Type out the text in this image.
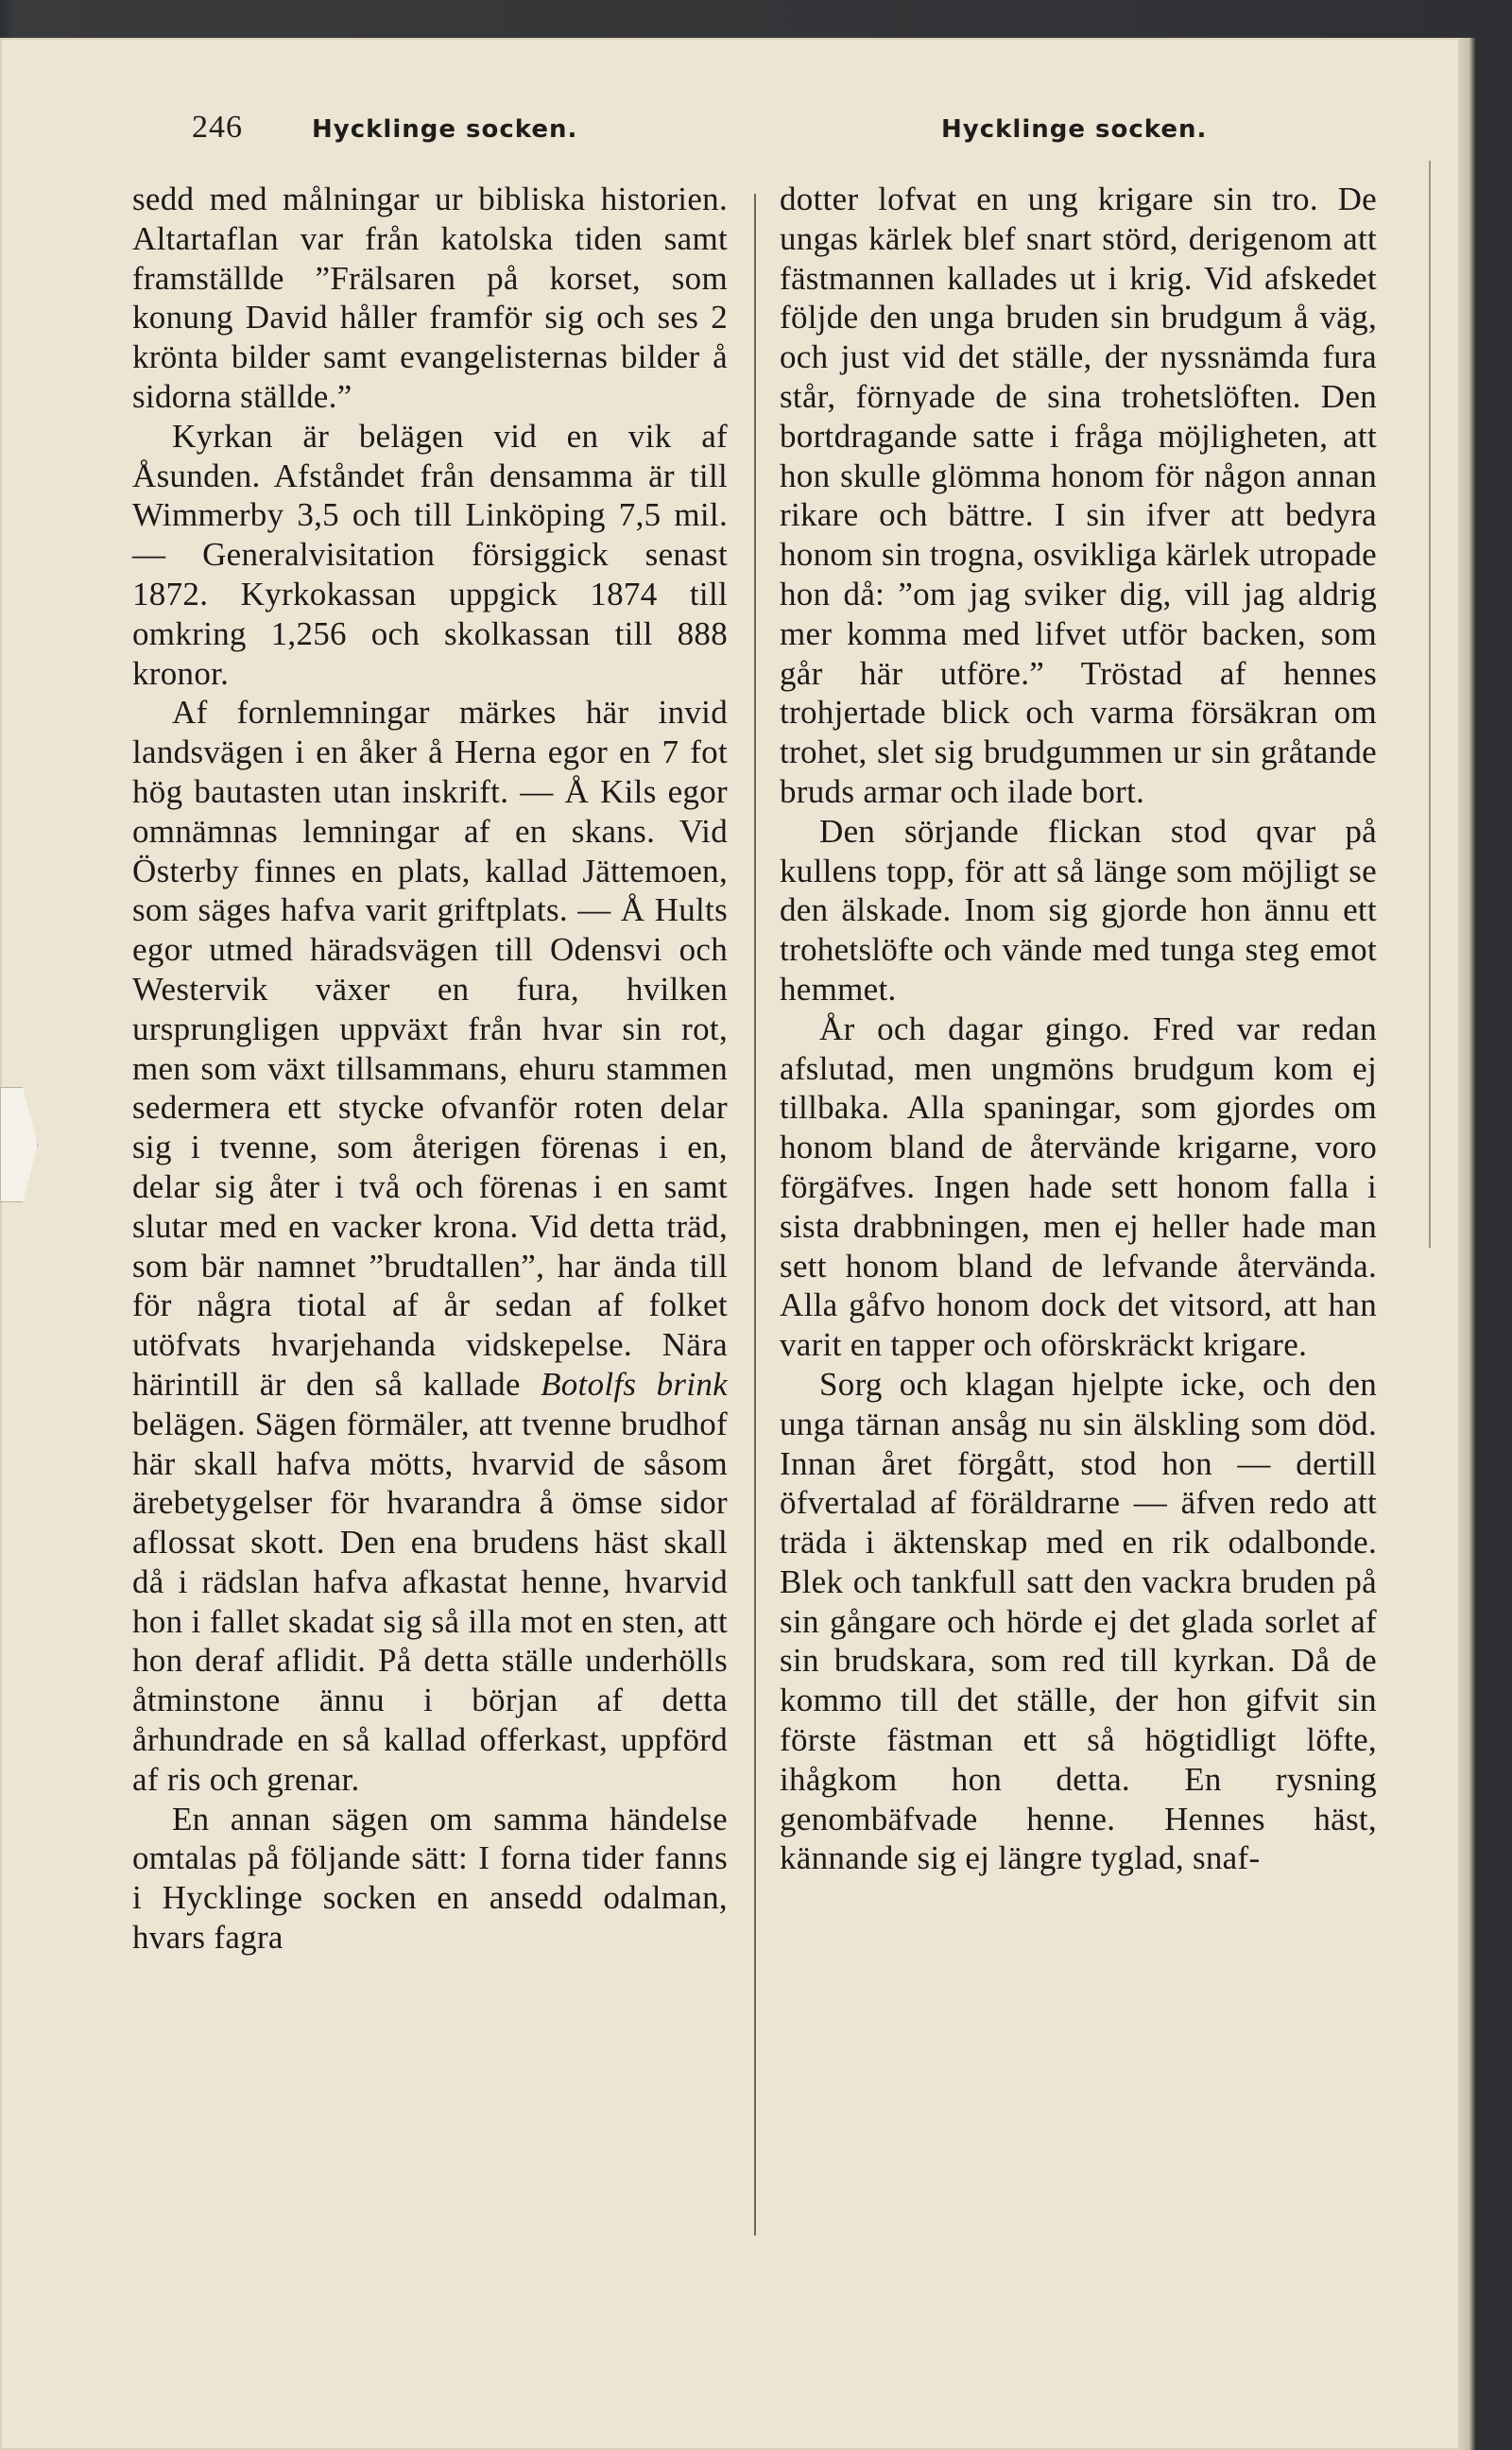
246	Hycklinge socken.	Hycklinge socken.

sedd med målningar ur bibliska historien. Altartaflan var från katolska tiden samt framställde ”Frälsaren på korset, som konung David håller framför sig och ses 2 krönta bilder samt evangelisternas bilder å sidorna ställde.”

Kyrkan är belägen vid en vik af Åsunden. Afståndet från densamma är till Wimmerby 3,5 och till Linköping 7,5 mil. — Generalvisitation försiggick senast 1872. Kyrkokassan uppgick 1874 till omkring 1,256 och skolkassan till 888 kronor.

Af fornlemningar märkes här invid landsvägen i en åker å Herna egor en 7 fot hög bautasten utan inskrift. — Å Kils egor omnämnas lemningar af en skans. Vid Österby finnes en plats, kallad Jättemoen, som säges hafva varit griftplats. — Å Hults egor utmed häradsvägen till Odensvi och Westervik växer en fura, hvilken ursprungligen uppväxt från hvar sin rot, men som växt tillsammans, ehuru stammen sedermera ett stycke ofvanför roten delar sig i tvenne, som återigen förenas i en, delar sig åter i två och förenas i en samt slutar med en vacker krona. Vid detta träd, som bär namnet ”brudtallen”, har ända till för några tiotal af år sedan af folket utöfvats hvarjehanda vidskepelse. Nära härintill är den så kallade Botolfs brink belägen. Sägen förmäler, att tvenne brudhof här skall hafva mötts, hvarvid de såsom ärebetygelser för hvarandra å ömse sidor aflossat skott. Den ena brudens häst skall då i rädslan hafva afkastat henne, hvarvid hon i fallet skadat sig så illa mot en sten, att hon deraf aflidit. På detta ställe underhölls åtminstone ännu i början af detta århundrade en så kallad offerkast, uppförd af ris och grenar.

En annan sägen om samma händelse omtalas på följande sätt: I forna tider fanns i Hycklinge socken en ansedd odalman, hvars fagra

dotter lofvat en ung krigare sin tro. De ungas kärlek blef snart störd, derigenom att fästmannen kallades ut i krig. Vid afskedet följde den unga bruden sin brudgum å väg, och just vid det ställe, der nyssnämda fura står, förnyade de sina trohetslöften. Den bortdragande satte i fråga möjligheten, att hon skulle glömma honom för någon annan rikare och bättre. I sin ifver att bedyra honom sin trogna, osvikliga kärlek utropade hon då: ”om jag sviker dig, vill jag aldrig mer komma med lifvet utför backen, som går här utföre.” Tröstad af hennes trohjertade blick och varma försäkran om trohet, slet sig brudgummen ur sin gråtande bruds armar och ilade bort.

Den sörjande flickan stod qvar på kullens topp, för att så länge som möjligt se den älskade. Inom sig gjorde hon ännu ett trohetslöfte och vände med tunga steg emot hemmet.

År och dagar gingo. Fred var redan afslutad, men ungmöns brudgum kom ej tillbaka. Alla spaningar, som gjordes om honom bland de återvände krigarne, voro förgäfves. Ingen hade sett honom falla i sista drabbningen, men ej heller hade man sett honom bland de lefvande återvända. Alla gåfvo honom dock det vitsord, att han varit en tapper och oförskräckt krigare.

Sorg och klagan hjelpte icke, och den unga tärnan ansåg nu sin älskling som död. Innan året förgått, stod hon — dertill öfvertalad af föräldrarne — äfven redo att träda i äktenskap med en rik odalbonde. Blek och tankfull satt den vackra bruden på sin gångare och hörde ej det glada sorlet af sin brudskara, som red till kyrkan. Då de kommo till det ställe, der hon gifvit sin förste fästman ett så högtidligt löfte, ihågkom hon detta. En rysning genombäfvade henne. Hennes häst, kännande sig ej längre tyglad, snaf-
